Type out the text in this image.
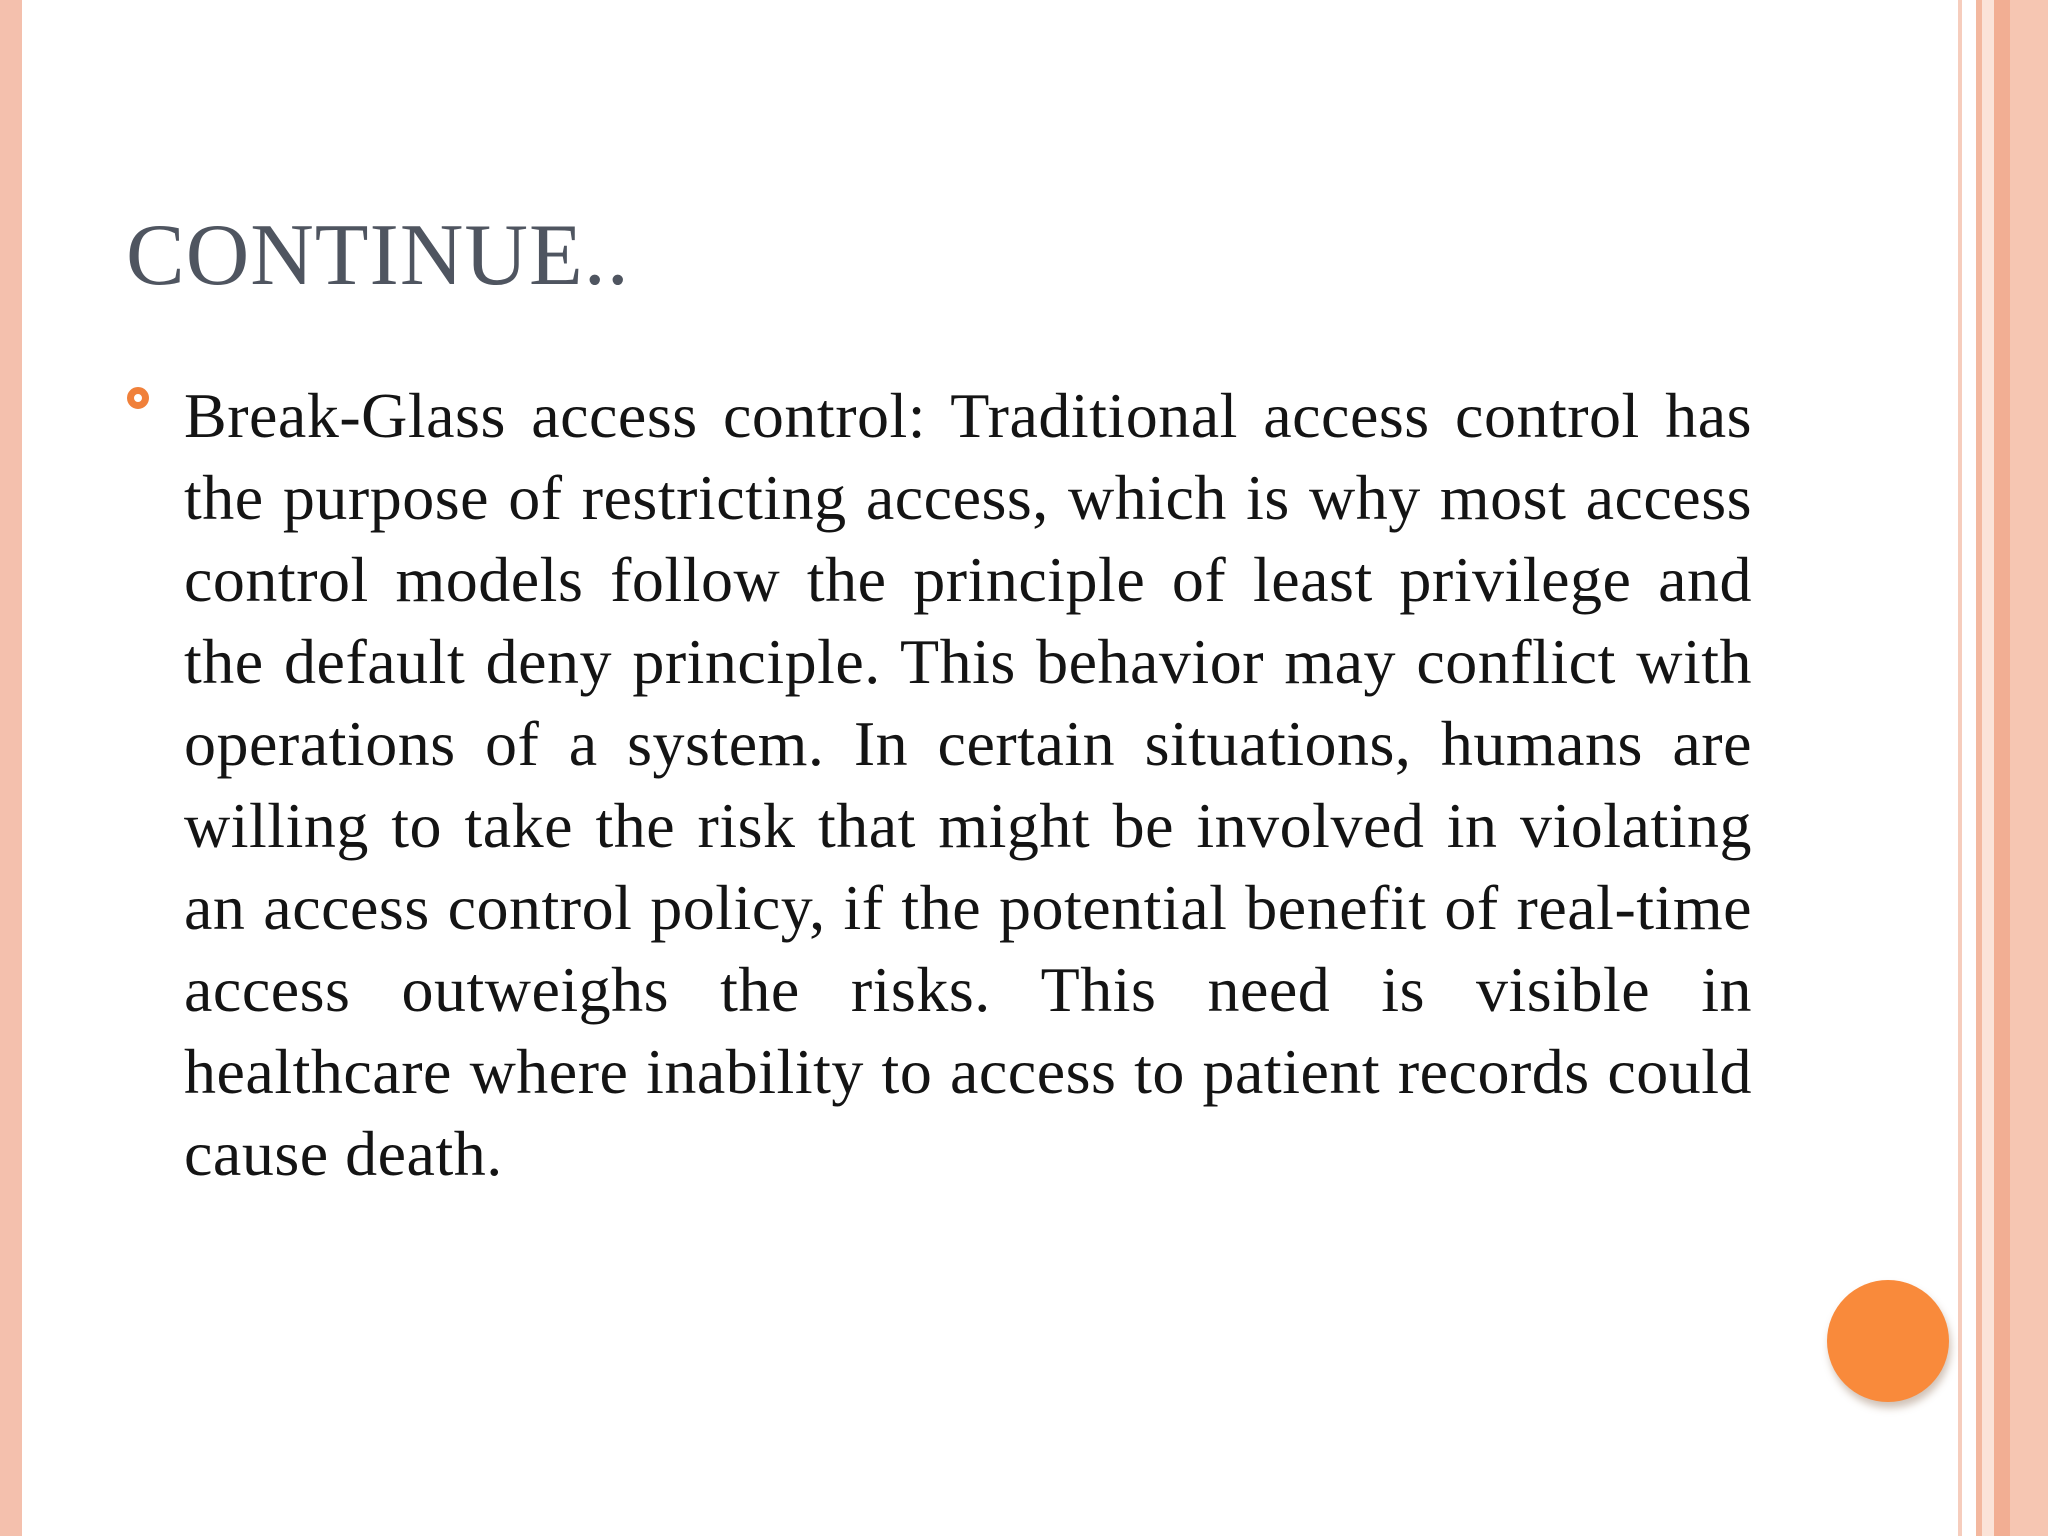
CONTINUE..
Break-Glass access control: Traditional access control has the purpose of restricting access, which is why most access control models follow the principle of least privilege and the default deny principle. This behavior may conflict with operations of a system. In certain situations, humans are willing to take the risk that might be involved in violating an access control policy, if the potential benefit of real-time access outweighs the risks. This need is visible in healthcare where inability to access to patient records could cause death.
